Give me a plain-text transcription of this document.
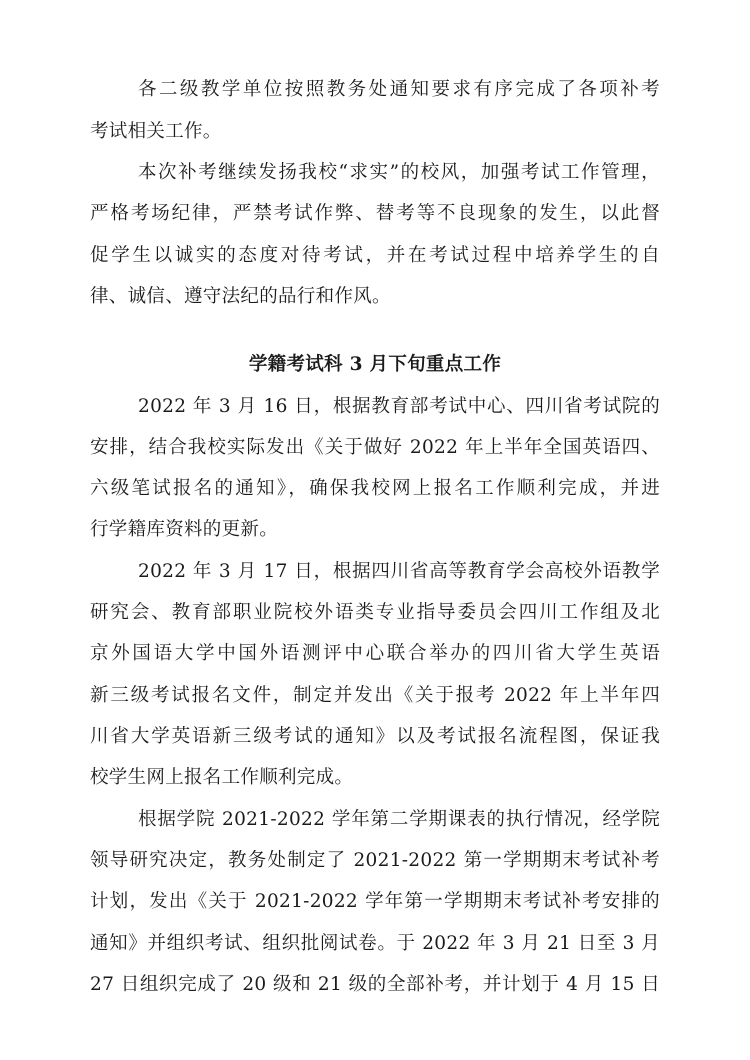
各二级教学单位按照教务处通知要求有序完成了各项补考

考试相关工作。

本次补考继续发扬我校“求实”的校风，加强考试工作管理，

严格考场纪律，严禁考试作弊、替考等不良现象的发生，以此督

促学生以诚实的态度对待考试，并在考试过程中培养学生的自

律、诚信、遵守法纪的品行和作风。

学籍考试科 3 月下旬重点工作

2022 年 3 月 16 日，根据教育部考试中心、四川省考试院的

安排，结合我校实际发出《关于做好 2022 年上半年全国英语四、

六级笔试报名的通知》，确保我校网上报名工作顺利完成，并进

行学籍库资料的更新。

2022 年 3 月 17 日，根据四川省高等教育学会高校外语教学

研究会、教育部职业院校外语类专业指导委员会四川工作组及北

京外国语大学中国外语测评中心联合举办的四川省大学生英语

新三级考试报名文件，制定并发出《关于报考 2022 年上半年四

川省大学英语新三级考试的通知》以及考试报名流程图，保证我

校学生网上报名工作顺利完成。

根据学院 2021-2022 学年第二学期课表的执行情况，经学院

领导研究决定，教务处制定了 2021-2022 第一学期期末考试补考

计划，发出《关于 2021-2022 学年第一学期期末考试补考安排的

通知》并组织考试、组织批阅试卷。于 2022 年 3 月 21 日至 3 月

27 日组织完成了 20 级和 21 级的全部补考，并计划于 4 月 15 日
